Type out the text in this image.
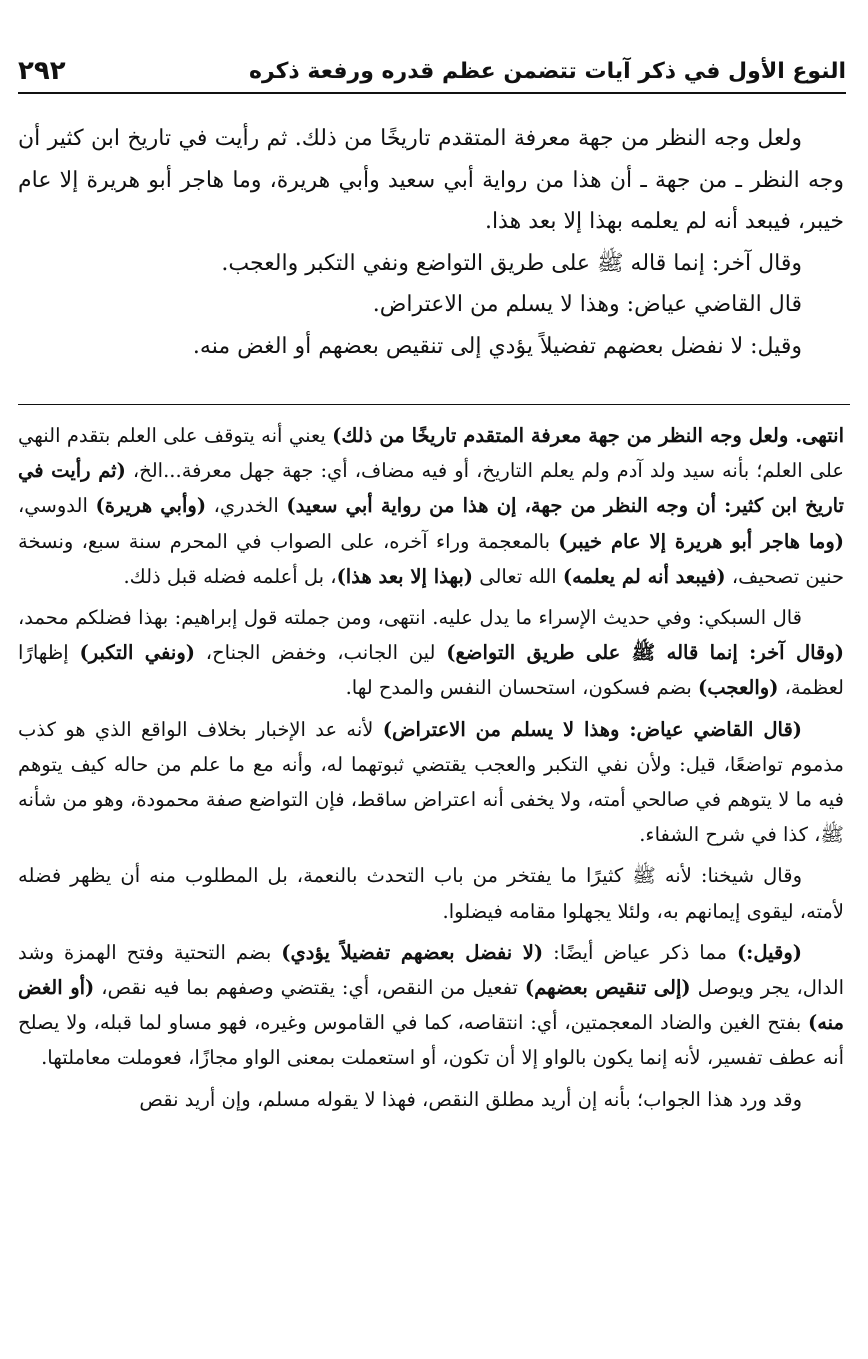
النوع الأول في ذكر آيات تتضمن عظم قدره ورفعة ذكره
٢٩٢

ولعل وجه النظر من جهة معرفة المتقدم تاريخًا من ذلك. ثم رأيت في تاريخ ابن كثير أن وجه النظر ـ من جهة ـ أن هذا من رواية أبي سعيد وأبي هريرة، وما هاجر أبو هريرة إلا عام خيبر، فيبعد أنه لم يعلمه بهذا إلا بعد هذا.

وقال آخر: إنما قاله ﷺ على طريق التواضع ونفي التكبر والعجب.

قال القاضي عياض: وهذا لا يسلم من الاعتراض.

وقيل: لا نفضل بعضهم تفضيلاً يؤدي إلى تنقيص بعضهم أو الغض منه.

انتهى. ولعل وجه النظر من جهة معرفة المتقدم تاريخًا من ذلك) يعني أنه يتوقف على العلم بتقدم النهي على العلم؛ بأنه سيد ولد آدم ولم يعلم التاريخ، أو فيه مضاف، أي: جهة جهل معرفة...الخ، (ثم رأيت في تاريخ ابن كثير: أن وجه النظر من جهة، إن هذا من رواية أبي سعيد) الخدري، (وأبي هريرة) الدوسي، (وما هاجر أبو هريرة إلا عام خيبر) بالمعجمة وراء آخره، على الصواب في المحرم سنة سبع، ونسخة حنين تصحيف، (فيبعد أنه لم يعلمه) الله تعالى (بهذا إلا بعد هذا)، بل أعلمه فضله قبل ذلك.

قال السبكي: وفي حديث الإسراء ما يدل عليه. انتهى، ومن جملته قول إبراهيم: بهذا فضلكم محمد، (وقال آخر: إنما قاله ﷺ على طريق التواضع) لين الجانب، وخفض الجناح، (ونفي التكبر) إظهارًا لعظمة، (والعجب) بضم فسكون، استحسان النفس والمدح لها.

(قال القاضي عياض: وهذا لا يسلم من الاعتراض) لأنه عد الإخبار بخلاف الواقع الذي هو كذب مذموم تواضعًا، قيل: ولأن نفي التكبر والعجب يقتضي ثبوتهما له، وأنه مع ما علم من حاله كيف يتوهم فيه ما لا يتوهم في صالحي أمته، ولا يخفى أنه اعتراض ساقط، فإن التواضع صفة محمودة، وهو من شأنه ﷺ، كذا في شرح الشفاء.

وقال شيخنا: لأنه ﷺ كثيرًا ما يفتخر من باب التحدث بالنعمة، بل المطلوب منه أن يظهر فضله لأمته، ليقوى إيمانهم به، ولئلا يجهلوا مقامه فيضلوا.

(وقيل:) مما ذكر عياض أيضًا: (لا نفضل بعضهم تفضيلاً يؤدي) بضم التحتية وفتح الهمزة وشد الدال، يجر ويوصل (إلى تنقيص بعضهم) تفعيل من النقص، أي: يقتضي وصفهم بما فيه نقص، (أو الغض منه) بفتح الغين والضاد المعجمتين، أي: انتقاصه، كما في القاموس وغيره، فهو مساو لما قبله، ولا يصلح أنه عطف تفسير، لأنه إنما يكون بالواو إلا أن تكون، أو استعملت بمعنى الواو مجازًا، فعوملت معاملتها.

وقد ورد هذا الجواب؛ بأنه إن أريد مطلق النقص، فهذا لا يقوله مسلم، وإن أريد نقص
